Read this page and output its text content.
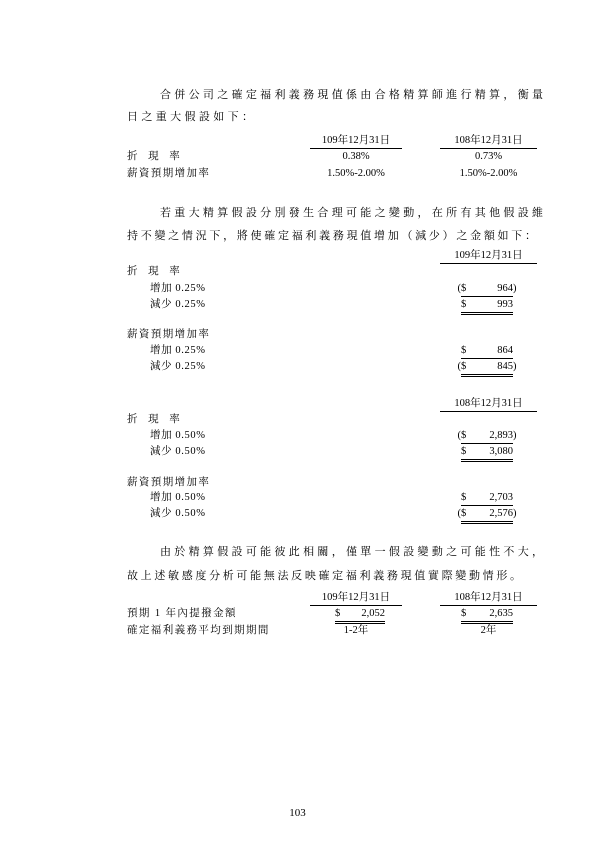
合併公司之確定福利義務現值係由合格精算師進行精算，衡量
日之重大假設如下：
109年12月31日	108年12月31日
折 現 率	0.38%	0.73%
薪資預期增加率	1.50%-2.00%	1.50%-2.00%
若重大精算假設分別發生合理可能之變動，在所有其他假設維
持不變之情況下，將使確定福利義務現值增加（減少）之金額如下：
109年12月31日
折 現 率
增加 0.25%	( $	964 )
減少 0.25%	$	993
薪資預期增加率
增加 0.25%	$	864
減少 0.25%	( $	845 )
108年12月31日
折 現 率
增加 0.50%	( $ 2,893 )
減少 0.50%	$ 3,080
薪資預期增加率
增加 0.50%	$ 2,703
減少 0.50%	( $ 2,576 )
由於精算假設可能彼此相關，僅單一假設變動之可能性不大，
故上述敏感度分析可能無法反映確定福利義務現值實際變動情形。
109年12月31日	108年12月31日
預期 1 年內提撥金額	$ 2,052	$ 2,635
確定福利義務平均到期期間	1-2年	2年
103
